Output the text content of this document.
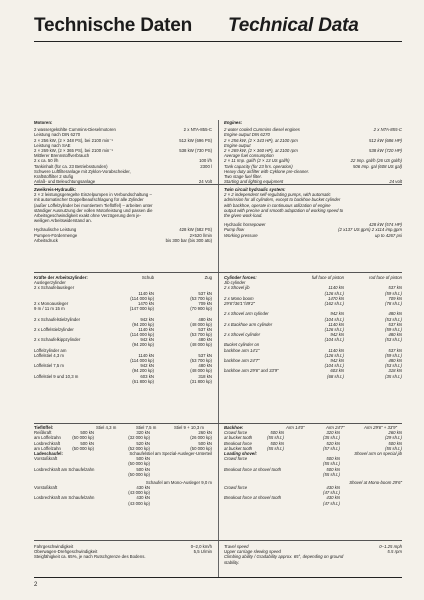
Technische Daten Technical Data
Motoren:
2 wassergekühlte Cummins-Dieselmotoren	2 x NTA-855-C
Leistung nach DIN 6270
2 × 256 kW, (2 × 348 PS), bei 2100 min⁻¹	512 kW (696 PS)
Leistung nach SAE
2 × 269 kW, (2 × 365 PS), bei 2100 min⁻¹	538 kW (730 PS)
Mittlerer Brennstoffverbrauch
2 x ca. 50 l/h	100 l/h
Tankinhalt (für ca. 23 Betriebsstunden)	2300 l
Schwere Luftfilteranlage mit Zyklon-Vorabscheider,
Kraftstoffilter 2 stufig
Anlaß- und Beleuchtungsanlage	24 Volt
Engines:
2 water cooled Cummins diesel engines	2 x NTA-855-C
Engine output DIN 6270
2 × 256 kW, (2 × 343 HP), at 2100 rpm	512 kW (686 HP)
Engine output
2 × 269 kW, (2 × 360 HP), at 2100 rpm	538 kW (720 HP)
Average fuel consumption
2 × 11 Imp. gal/h (2 × 13 US gal/h)	22 Imp. gal/h (26 US gal/h)
Tank capacity (for 23 hrs. operation)	506 Imp. gal (608 US gal)
Heavy duty airfilter with Cyklone pre-cleaner.
Two stage fuel filter.
Starting and lighting equipment	24 volt
Zweikreis-Hydraulik:
2 × 2 leistungsgeregelte Einzelpumpen in Verbundschaltung –
mit automatischer Doppelbeaufschlagung für alle Zylinder
(außer Löffelzylinder bei montiertem Tieflöffel) – arbeiten unter
ständiger Ausnutzung der vollen Motorleistung und passen die
Arbeitsgeschwindigkeit exakt ohne Verzögerung dem je-
weiligen Arbeitswiderstand an.
Hydraulische Leistung	428 kW (582 PS)
Pumpen-Fördermenge	2×520 l/min
Arbeitsdruck	bis 300 bar (bis 300 atü)
Twin circuit hydraulic system:
2 × 2 independent self-regulating pumps, with automatic
admission for all cylinders, except to backhoe bucket cylinder
with backhoe, operate in continuous utilization of engine
output with precise and smooth adaptation of working speed to
the given work-load.
Hydraulic horsepower	428 kW (574 HP)
Pump flow	(2 x137 US gpm) 2 x114 imp.gpm
Working pressure	up to 4267 psi
Kräfte der Arbeitszylinder:	Schub	Zug
Auslegerzylinder
2 x Schaufelausleger
1140 kN	537 kN
(114 000 kp)	(53 700 kp)
2 x Monoausleger	1470 kN	709 kN
9 m / 11 m 15 m	(147 000 kp)	(70 900 kp)
2 x Schaufelstielzylinder	942 kN	480 kN
(94 200 kp)	(48 000 kp)
2 x Löffelstielzylinder	1140 kN	537 kN
(114 000 kp)	(53 700 kp)
2 x Schaufelkippzylinder	942 kN	480 kN
(94 200 kp)	(48 000 kp)
Löffelzylinder am
Löffelstiel 4,3 m	1140 kN	537 kN
(114 000 kp)	(53 700 kp)
Löffelstiel 7,5 m	942 kN	480 kN
(94 200 kp)	(48 000 kp)
Löffelstiel 9 und 10,3 m	603 kN	318 kN
(61 800 kp)	(31 800 kp)
Cylinder forces:	full face of piston	rod face of piston
Jib cylinder
2 x Shovel jib	1140 kN	537 kN
(126 sh.t.)	(59 sh.t.)
2 x Mono boom	1470 kN	709 kN
29'6"/36'1"/49'2"	(162 sh.t.)	(78 sh.t.)
2 x Shovel arm cylinder	942 kN	480 kN
(104 sh.t.)	(53 sh.t.)
2 x Backhoe arm cylinder	1140 kN	537 kN
(126 sh.t.)	(59 sh.t.)
2 x Shovel cylinder	942 kN	480 kN
(104 sh.t.)	(53 sh.t.)
Bucket cylinder on
backhoe arm 14'1"	1140 kN	537 kN
(126 sh.t.)	(59 sh.t.)
backhoe arm 24'7"	942 kN	480 kN
(104 sh.t.)	(53 sh.t.)
backhoe arm 29'6" and 33'9"	603 kN	318 kN
(68 sh.t.)	(35 sh.t.)
Tieflöffel:	Stiel 4,3 m	Stiel 7,5 m	Stiel 9 + 10,3 m
Reißkraft	500 kN	320 kN	260 kN
am Löffelzahn	(50 000 kp)	(32 000 kp)	(26 000 kp)
Losbrechkraft	500 kN	520 kN	500 kN
am Löffelzahn	(50 000 kp)	(52 000 kp)	(50 000 kp)
Ladeschaufel:	Schaufelstiel am Spezial-Ausleger-Unterteil
Vorstoßkraft	500 kN
(50 000 kp)
Losbrechkraft am Schaufelzahn	500 kN
(50 000 kp)
Schaufel am Mono-Ausleger 9,0 m
Vorstoßkraft	430 kN
(43 000 kp)
Losbrechkraft am Schaufelzahn	430 kN
(43 000 kp)
Backhoe:	Arm 14'0"	Arm 24'7"	Arm 29'6" + 33'9"
Crowd force	500 kN	320 kN	260 kN
at bucket tooth	(55 sh.t.)	(35 sh.t.)	(29 sh.t.)
Breakout force	500 kN	520 kN	500 kN
at bucket tooth	(55 sh.t.)	(57 sh.t.)	(55 sh.t.)
Loading shovel:	Shovel arm on special jib
Crowd force	500 kN
(55 sh.t.)
Breakout force at shovel tooth	500 kN
(55 sh.t.)
Shovel at Mono-boom 29'6"
Crowd force	430 kN
(47 sh.t.)
Breakout force at shovel tooth	430 kN
(47 sh.t.)
Fahrgeschwindigkeit	0–2,0 km/h
Oberwagen-Drehgeschwindigkeit	5,5 U/min
Steigfähigkeit ca. 65%, je nach Rutschgrenze des Bodens.
Travel speed	0–1.25 mph
Upper carriage slewing speed	5.5 rpm
Climbing ability / Gradability approx. 65°, depending on ground
stability.
2
